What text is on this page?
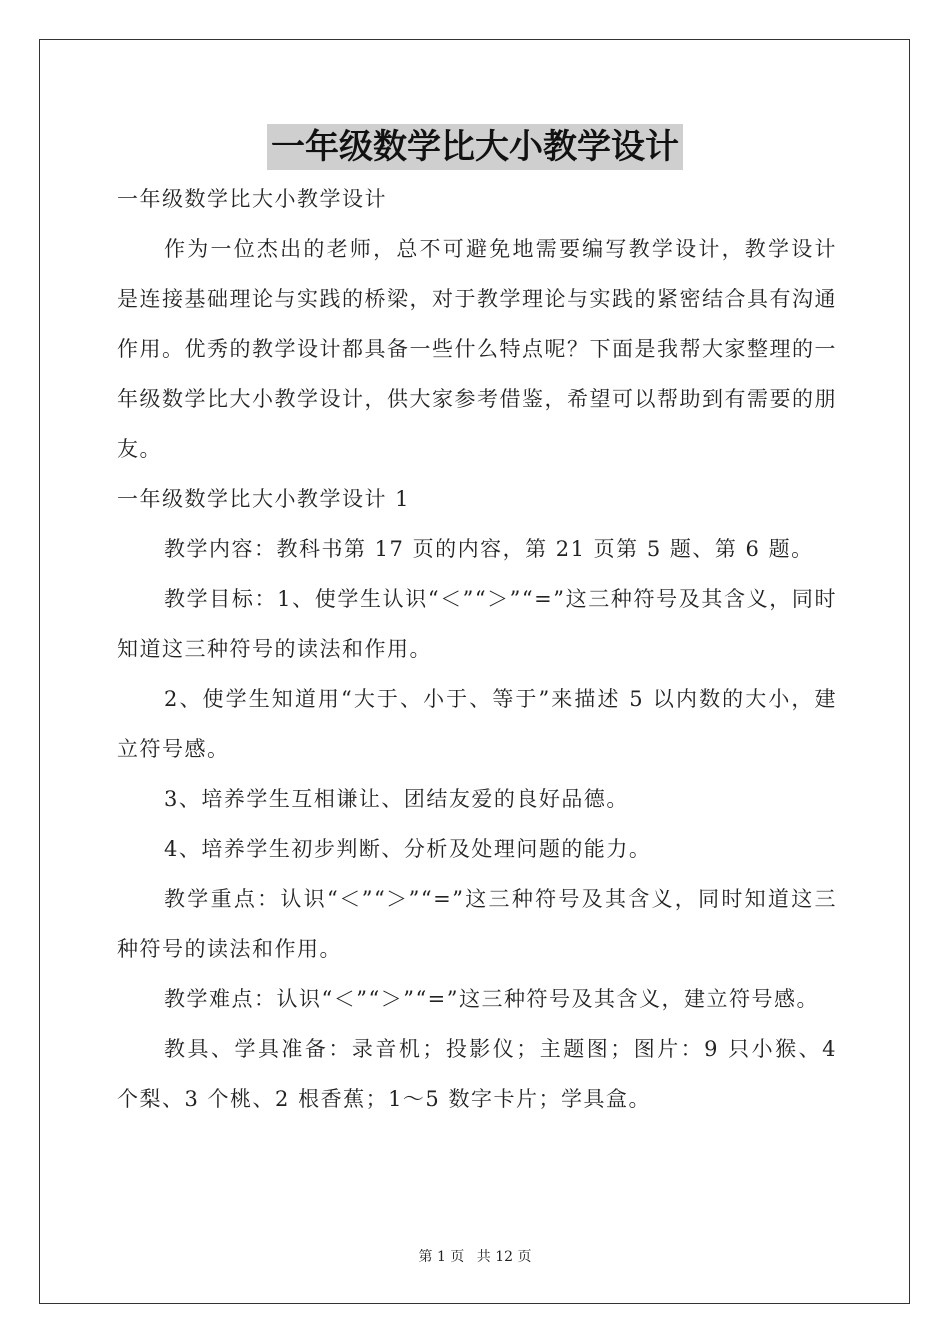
一年级数学比大小教学设计

一年级数学比大小教学设计

作为一位杰出的老师，总不可避免地需要编写教学设计，教学设计是连接基础理论与实践的桥梁，对于教学理论与实践的紧密结合具有沟通作用。优秀的教学设计都具备一些什么特点呢？下面是我帮大家整理的一年级数学比大小教学设计，供大家参考借鉴，希望可以帮助到有需要的朋友。

一年级数学比大小教学设计 1

教学内容：教科书第 17 页的内容，第 21 页第 5 题、第 6 题。

教学目标：1、使学生认识“＜”“＞”“=”这三种符号及其含义，同时知道这三种符号的读法和作用。

2、使学生知道用“大于、小于、等于”来描述 5 以内数的大小，建立符号感。

3、培养学生互相谦让、团结友爱的良好品德。

4、培养学生初步判断、分析及处理问题的能力。

教学重点：认识“＜”“＞”“=”这三种符号及其含义，同时知道这三种符号的读法和作用。

教学难点：认识“＜”“＞”“=”这三种符号及其含义，建立符号感。

教具、学具准备：录音机；投影仪；主题图；图片：9 只小猴、4 个梨、3 个桃、2 根香蕉；1～5 数字卡片；学具盒。

第 1 页 共 12 页
